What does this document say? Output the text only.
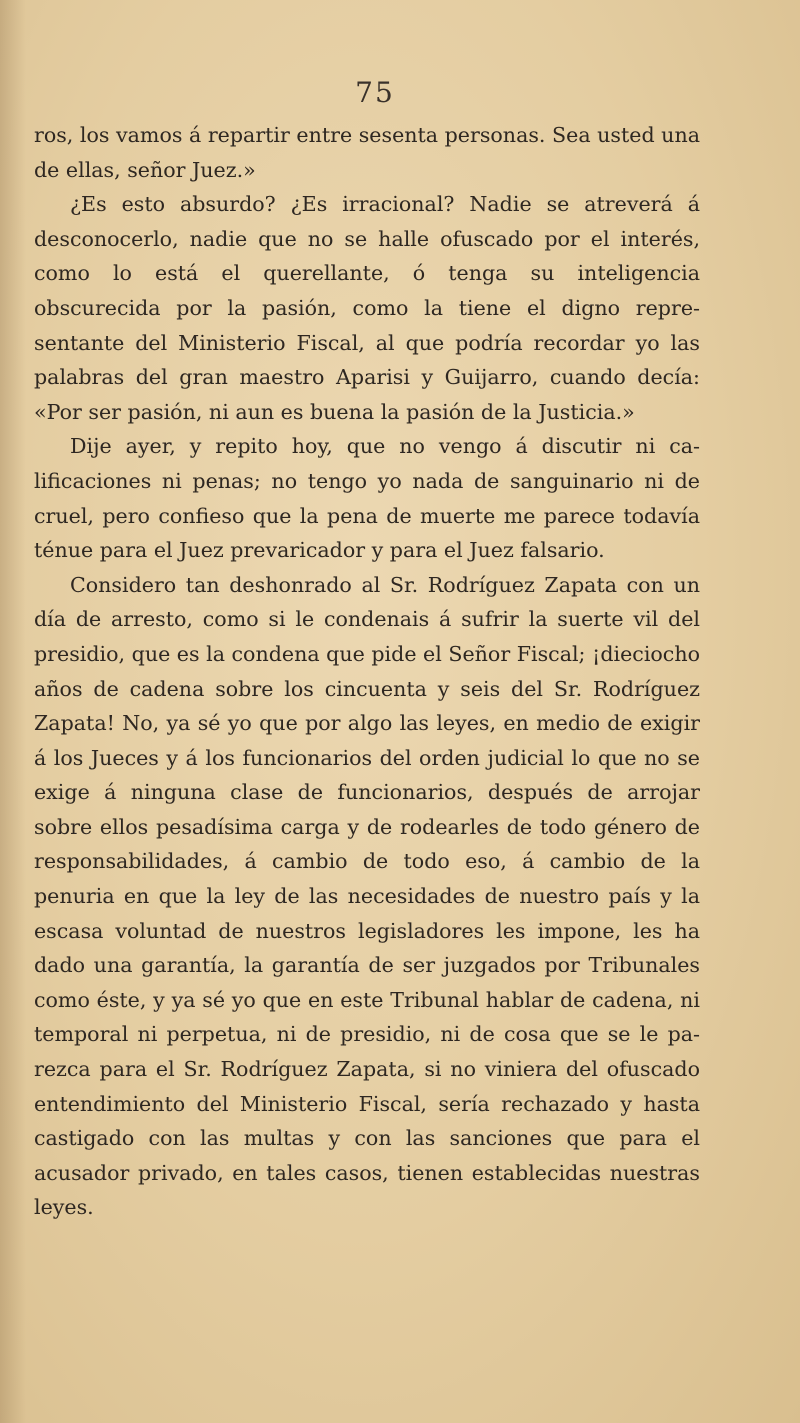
75

ros, los vamos á repartir entre sesenta personas. Sea usted una de ellas, señor Juez.»

¿Es esto absurdo? ¿Es irracional? Nadie se atreverá á desconocerlo, nadie que no se halle ofuscado por el interés, como lo está el querellante, ó tenga su inteligencia obscurecida por la pasión, como la tiene el digno representante del Ministerio Fiscal, al que podría recordar yo las palabras del gran maestro Aparisi y Guijarro, cuando decía: «Por ser pasión, ni aun es buena la pasión de la Justicia.»

Dije ayer, y repito hoy, que no vengo á discutir ni calificaciones ni penas; no tengo yo nada de sanguinario ni de cruel, pero confieso que la pena de muerte me parece todavía ténue para el Juez prevaricador y para el Juez falsario.

Considero tan deshonrado al Sr. Rodríguez Zapata con un día de arresto, como si le condenais á sufrir la suerte vil del presidio, que es la condena que pide el Señor Fiscal; ¡dieciocho años de cadena sobre los cincuenta y seis del Sr. Rodríguez Zapata! No, ya sé yo que por algo las leyes, en medio de exigir á los Jueces y á los funcionarios del orden judicial lo que no se exige á ninguna clase de funcionarios, después de arrojar sobre ellos pesadísima carga y de rodearles de todo género de responsabilidades, á cambio de todo eso, á cambio de la penuria en que la ley de las necesidades de nuestro país y la escasa voluntad de nuestros legisladores les impone, les ha dado una garantía, la garantía de ser juzgados por Tribunales como éste, y ya sé yo que en este Tribunal hablar de cadena, ni temporal ni perpetua, ni de presidio, ni de cosa que se le parezca para el Sr. Rodríguez Zapata, si no viniera del ofuscado entendimiento del Ministerio Fiscal, sería rechazado y hasta castigado con las multas y con las sanciones que para el acusador privado, en tales casos, tienen establecidas nuestras leyes.
